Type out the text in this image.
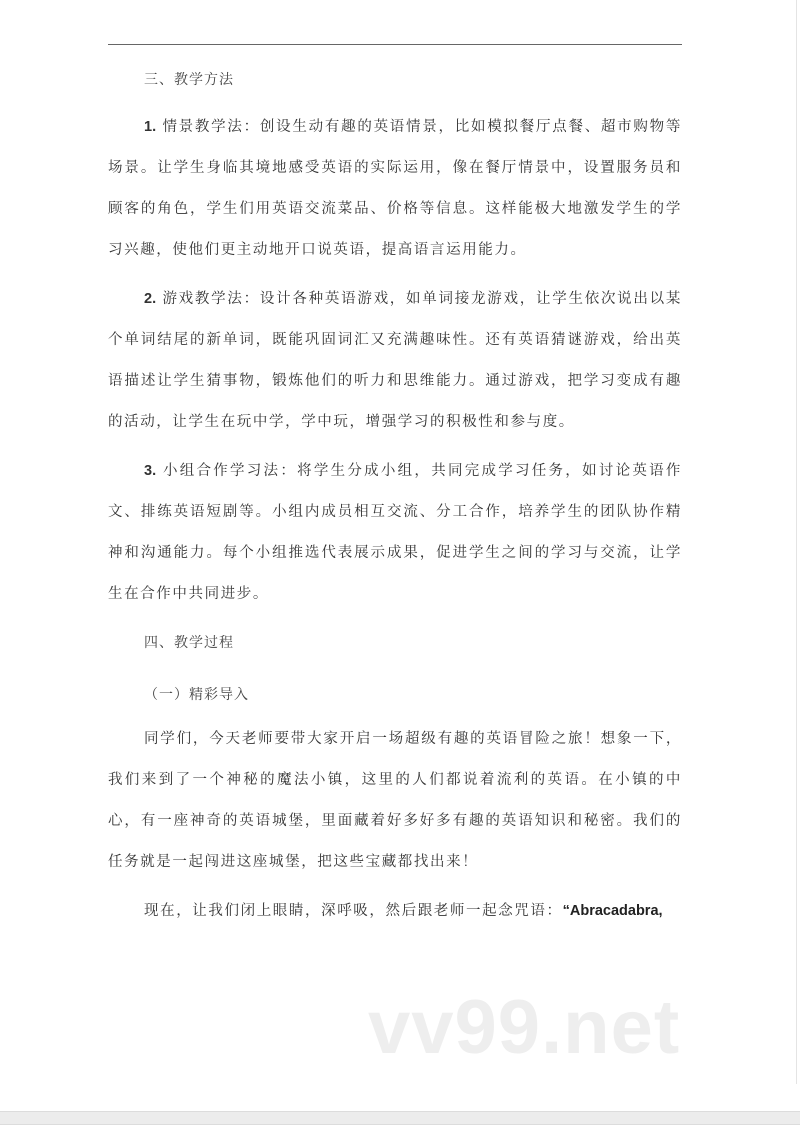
三、教学方法

1. 情景教学法：创设生动有趣的英语情景，比如模拟餐厅点餐、超市购物等场景。让学生身临其境地感受英语的实际运用，像在餐厅情景中，设置服务员和顾客的角色，学生们用英语交流菜品、价格等信息。这样能极大地激发学生的学习兴趣，使他们更主动地开口说英语，提高语言运用能力。

2. 游戏教学法：设计各种英语游戏，如单词接龙游戏，让学生依次说出以某个单词结尾的新单词，既能巩固词汇又充满趣味性。还有英语猜谜游戏，给出英语描述让学生猜事物，锻炼他们的听力和思维能力。通过游戏，把学习变成有趣的活动，让学生在玩中学，学中玩，增强学习的积极性和参与度。

3. 小组合作学习法：将学生分成小组，共同完成学习任务，如讨论英语作文、排练英语短剧等。小组内成员相互交流、分工合作，培养学生的团队协作精神和沟通能力。每个小组推选代表展示成果，促进学生之间的学习与交流，让学生在合作中共同进步。

四、教学过程
（一）精彩导入

同学们，今天老师要带大家开启一场超级有趣的英语冒险之旅！想象一下，我们来到了一个神秘的魔法小镇，这里的人们都说着流利的英语。在小镇的中心，有一座神奇的英语城堡，里面藏着好多好多有趣的英语知识和秘密。我们的任务就是一起闯进这座城堡，把这些宝藏都找出来！

现在，让我们闭上眼睛，深呼吸，然后跟老师一起念咒语：“Abracadabra,

vv99.net
